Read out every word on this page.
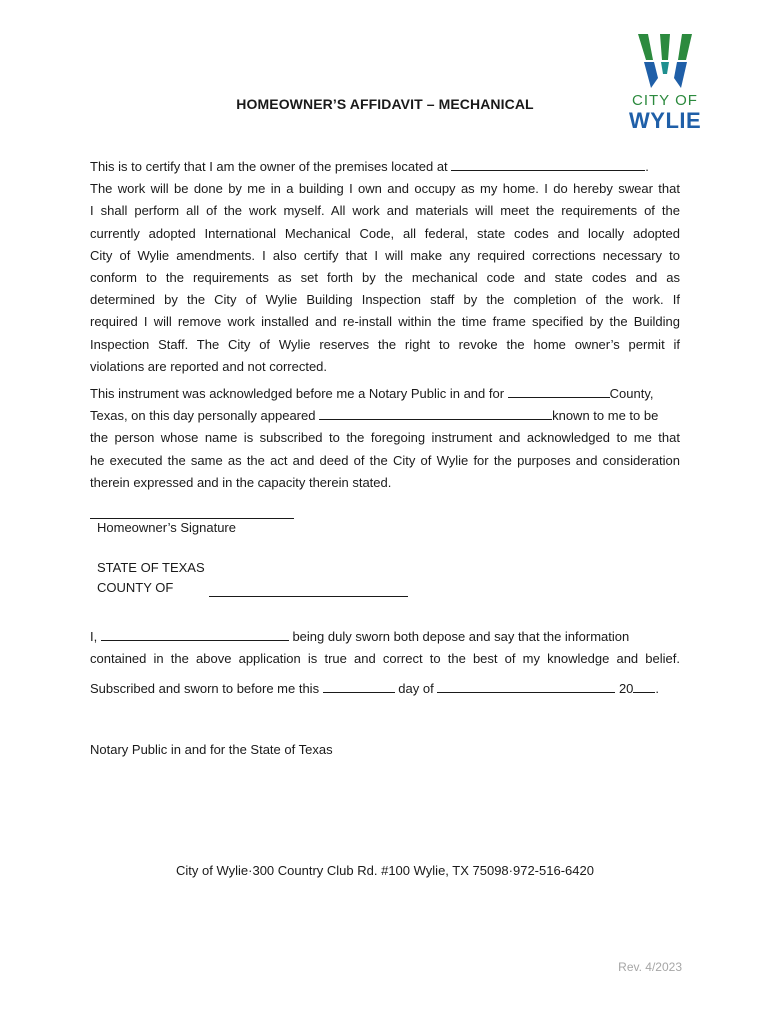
CITY OF
WYLIE
HOMEOWNER’S AFFIDAVIT – MECHANICAL
This is to certify that I am the owner of the premises located at	.
The work will be done by me in a building I own and occupy as my home. I do hereby swear that
I shall perform all of the work myself. All work and materials will meet the requirements of the
currently adopted International Mechanical Code, all federal, state codes and locally adopted
City of Wylie amendments. I also certify that I will make any required corrections necessary to
conform to the requirements as set forth by the mechanical code and state codes and as
determined by the City of Wylie Building Inspection staff by the completion of the work. If
required I will remove work installed and re-install within the time frame specified by the Building
Inspection Staff. The City of Wylie reserves the right to revoke the home owner’s permit if
violations are reported and not corrected.
This instrument was acknowledged before me a Notary Public in and for	County,
Texas, on this day personally appeared	known to me to be
the person whose name is subscribed to the foregoing instrument and acknowledged to me that
he executed the same as the act and deed of the City of Wylie for the purposes and consideration
therein expressed and in the capacity therein stated.
Homeowner’s Signature
STATE OF TEXAS
COUNTY OF
I,	being duly sworn both depose and say that the information
contained in the above application is true and correct to the best of my knowledge and belief.
Subscribed and sworn to before me this	day of	20 .
Notary Public in and for the State of Texas
City of Wylie·300 Country Club Rd. #100 Wylie, TX 75098·972-516-6420
Rev. 4/2023
